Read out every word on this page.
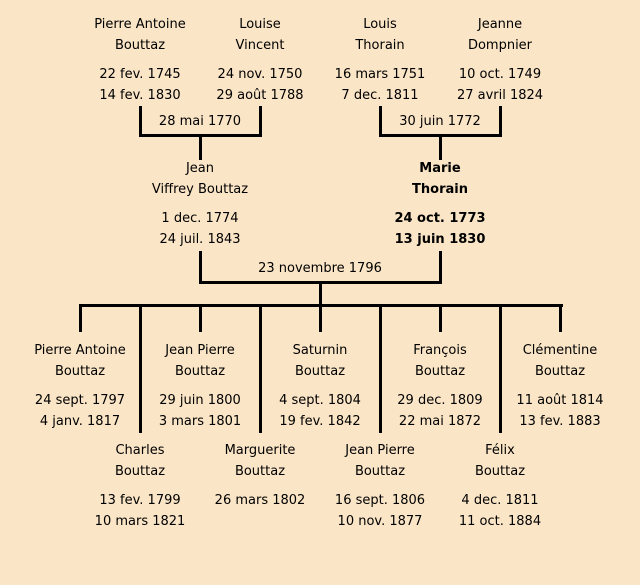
Pierre Antoine
Bouttaz
22 fev. 1745
14 fev. 1830
Louise
Vincent
24 nov. 1750
29 août 1788
Louis
Thorain
16 mars 1751
7 dec. 1811
Jeanne
Dompnier
10 oct. 1749
27 avril 1824
28 mai 1770	30 juin 1772
Jean
Viffrey Bouttaz
1 dec. 1774
24 juil. 1843
Marie
Thorain
24 oct. 1773
13 juin 1830
23 novembre 1796
Pierre Antoine
Bouttaz
24 sept. 1797
4 janv. 1817
Jean Pierre
Bouttaz
29 juin 1800
3 mars 1801
Saturnin
Bouttaz
4 sept. 1804
19 fev. 1842
François
Bouttaz
29 dec. 1809
22 mai 1872
Clémentine
Bouttaz
11 août 1814
13 fev. 1883
Charles
Bouttaz
13 fev. 1799
10 mars 1821
Marguerite
Bouttaz
26 mars 1802
Jean Pierre
Bouttaz
16 sept. 1806
10 nov. 1877
Félix
Bouttaz
4 dec. 1811
11 oct. 1884
